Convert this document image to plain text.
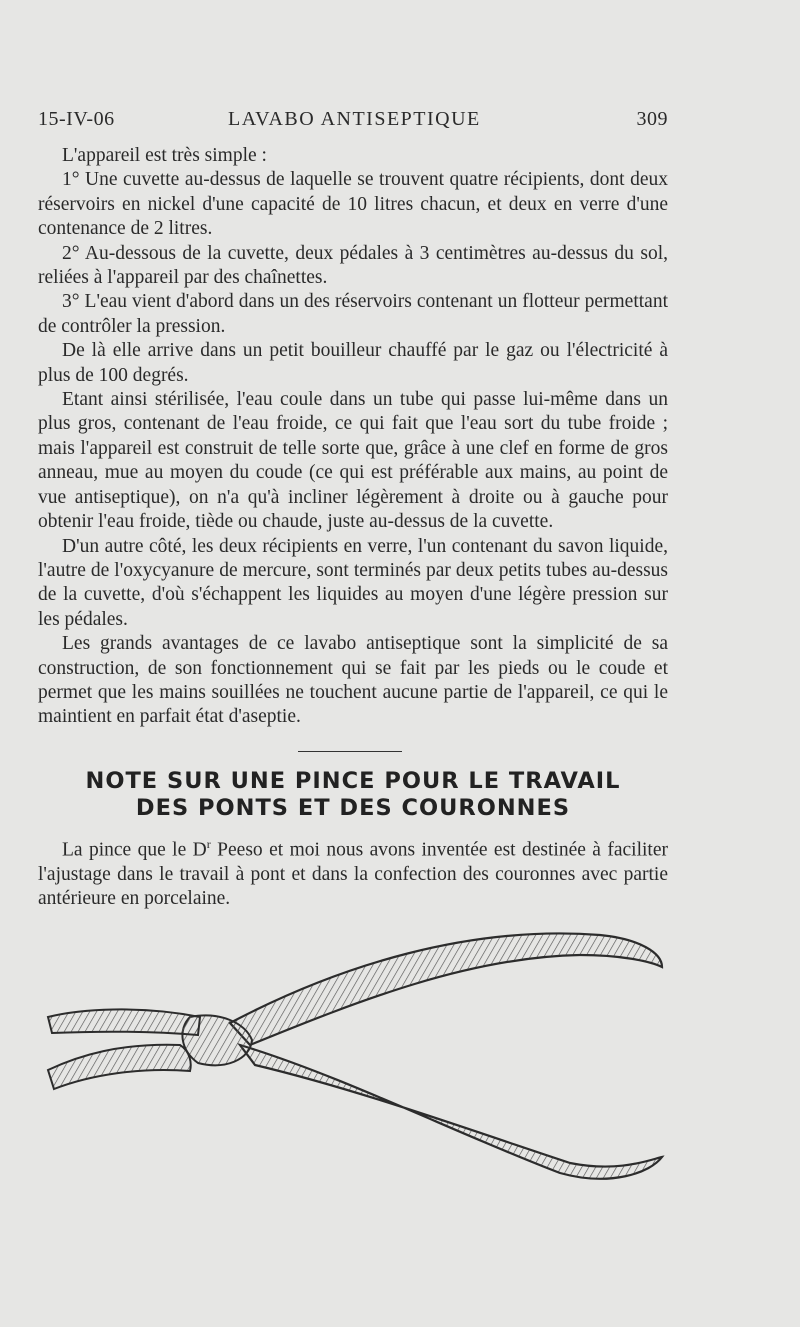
15-IV-06	LAVABO ANTISEPTIQUE	309

L'appareil est très simple :

1° Une cuvette au-dessus de laquelle se trouvent quatre récipients, dont deux réservoirs en nickel d'une capacité de 10 litres chacun, et deux en verre d'une contenance de 2 litres.

2° Au-dessous de la cuvette, deux pédales à 3 centimètres au-dessus du sol, reliées à l'appareil par des chaînettes.

3° L'eau vient d'abord dans un des réservoirs contenant un flotteur permettant de contrôler la pression.

De là elle arrive dans un petit bouilleur chauffé par le gaz ou l'électricité à plus de 100 degrés.

Etant ainsi stérilisée, l'eau coule dans un tube qui passe lui-même dans un plus gros, contenant de l'eau froide, ce qui fait que l'eau sort du tube froide ; mais l'appareil est construit de telle sorte que, grâce à une clef en forme de gros anneau, mue au moyen du coude (ce qui est préférable aux mains, au point de vue antiseptique), on n'a qu'à incliner légèrement à droite ou à gauche pour obtenir l'eau froide, tiède ou chaude, juste au-dessus de la cuvette.

D'un autre côté, les deux récipients en verre, l'un contenant du savon liquide, l'autre de l'oxycyanure de mercure, sont terminés par deux petits tubes au-dessus de la cuvette, d'où s'échappent les liquides au moyen d'une légère pression sur les pédales.

Les grands avantages de ce lavabo antiseptique sont la simplicité de sa construction, de son fonctionnement qui se fait par les pieds ou le coude et permet que les mains souillées ne touchent aucune partie de l'appareil, ce qui le maintient en parfait état d'aseptie.

NOTE SUR UNE PINCE POUR LE TRAVAIL
DES PONTS ET DES COURONNES

La pince que le $D^r$ Peeso et moi nous avons inventée est destinée à faciliter l'ajustage dans le travail à pont et dans la confection des couronnes avec partie antérieure en porcelaine.
